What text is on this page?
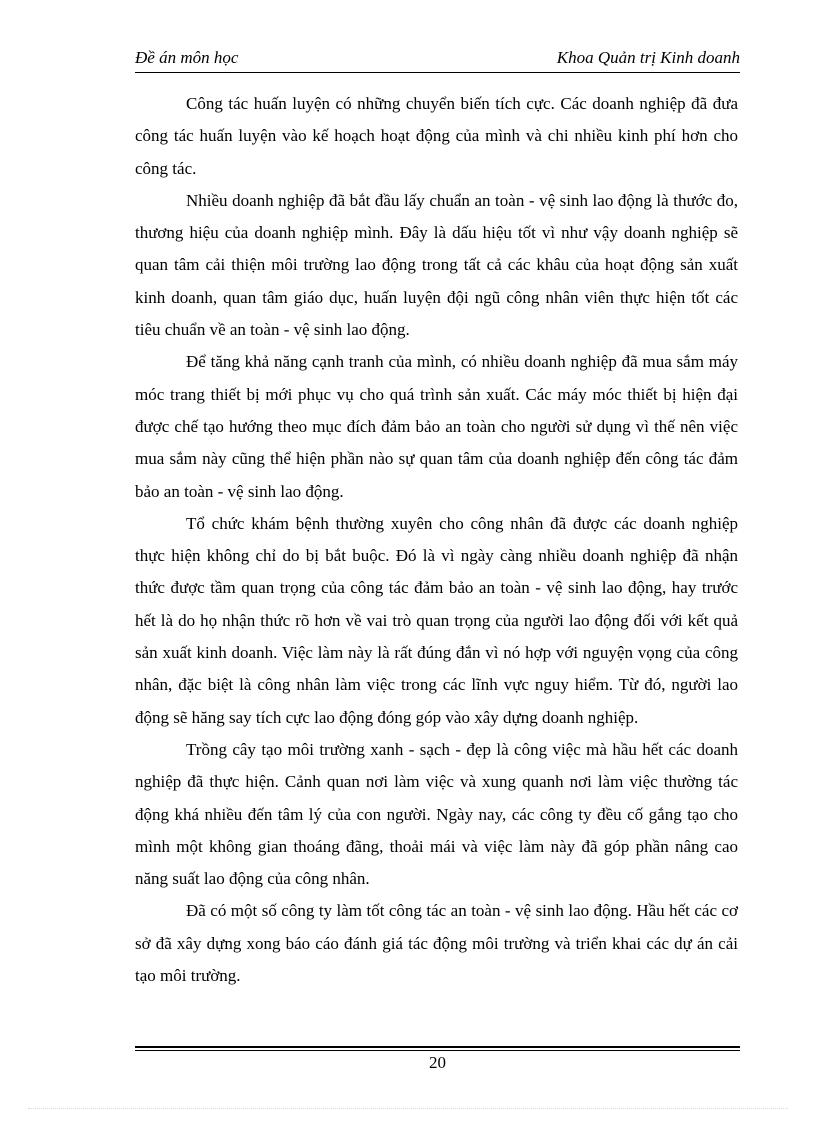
Đề án môn học	Khoa Quản trị Kinh doanh

Công tác huấn luyện có những chuyển biến tích cực. Các doanh nghiệp đã đưa công tác huấn luyện vào kế hoạch hoạt động của mình và chi nhiều kinh phí hơn cho công tác.

Nhiều doanh nghiệp đã bắt đầu lấy chuẩn an toàn - vệ sinh lao động là thước đo, thương hiệu của doanh nghiệp mình. Đây là dấu hiệu tốt vì như vậy doanh nghiệp sẽ quan tâm cải thiện môi trường lao động trong tất cả các khâu của hoạt động sản xuất kinh doanh, quan tâm giáo dục, huấn luyện đội ngũ công nhân viên thực hiện tốt các tiêu chuẩn về an toàn - vệ sinh lao động.

Để tăng khả năng cạnh tranh của mình, có nhiều doanh nghiệp đã mua sắm máy móc trang thiết bị mới phục vụ cho quá trình sản xuất. Các máy móc thiết bị hiện đại được chế tạo hướng theo mục đích đảm bảo an toàn cho người sử dụng vì thế nên việc mua sắm này cũng thể hiện phần nào sự quan tâm của doanh nghiệp đến công tác đảm bảo an toàn - vệ sinh lao động.

Tổ chức khám bệnh thường xuyên cho công nhân đã được các doanh nghiệp thực hiện không chỉ do bị bắt buộc. Đó là vì ngày càng nhiều doanh nghiệp đã nhận thức được tầm quan trọng của công tác đảm bảo an toàn - vệ sinh lao động, hay trước hết là do họ nhận thức rõ hơn về vai trò quan trọng của người lao động đối với kết quả sản xuất kinh doanh. Việc làm này là rất đúng đắn vì nó hợp với nguyện vọng của công nhân, đặc biệt là công nhân làm việc trong các lĩnh vực nguy hiểm. Từ đó, người lao động sẽ hăng say tích cực lao động đóng góp vào xây dựng doanh nghiệp.

Trồng cây tạo môi trường xanh - sạch - đẹp là công việc mà hầu hết các doanh nghiệp đã thực hiện. Cảnh quan nơi làm việc và xung quanh nơi làm việc thường tác động khá nhiều đến tâm lý của con người. Ngày nay, các công ty đều cố gắng tạo cho mình một không gian thoáng đãng, thoải mái và việc làm này đã góp phần nâng cao năng suất lao động của công nhân.

Đã có một số công ty làm tốt công tác an toàn - vệ sinh lao động. Hầu hết các cơ sở đã xây dựng xong báo cáo đánh giá tác động môi trường và triển khai các dự án cải tạo môi trường.

20
